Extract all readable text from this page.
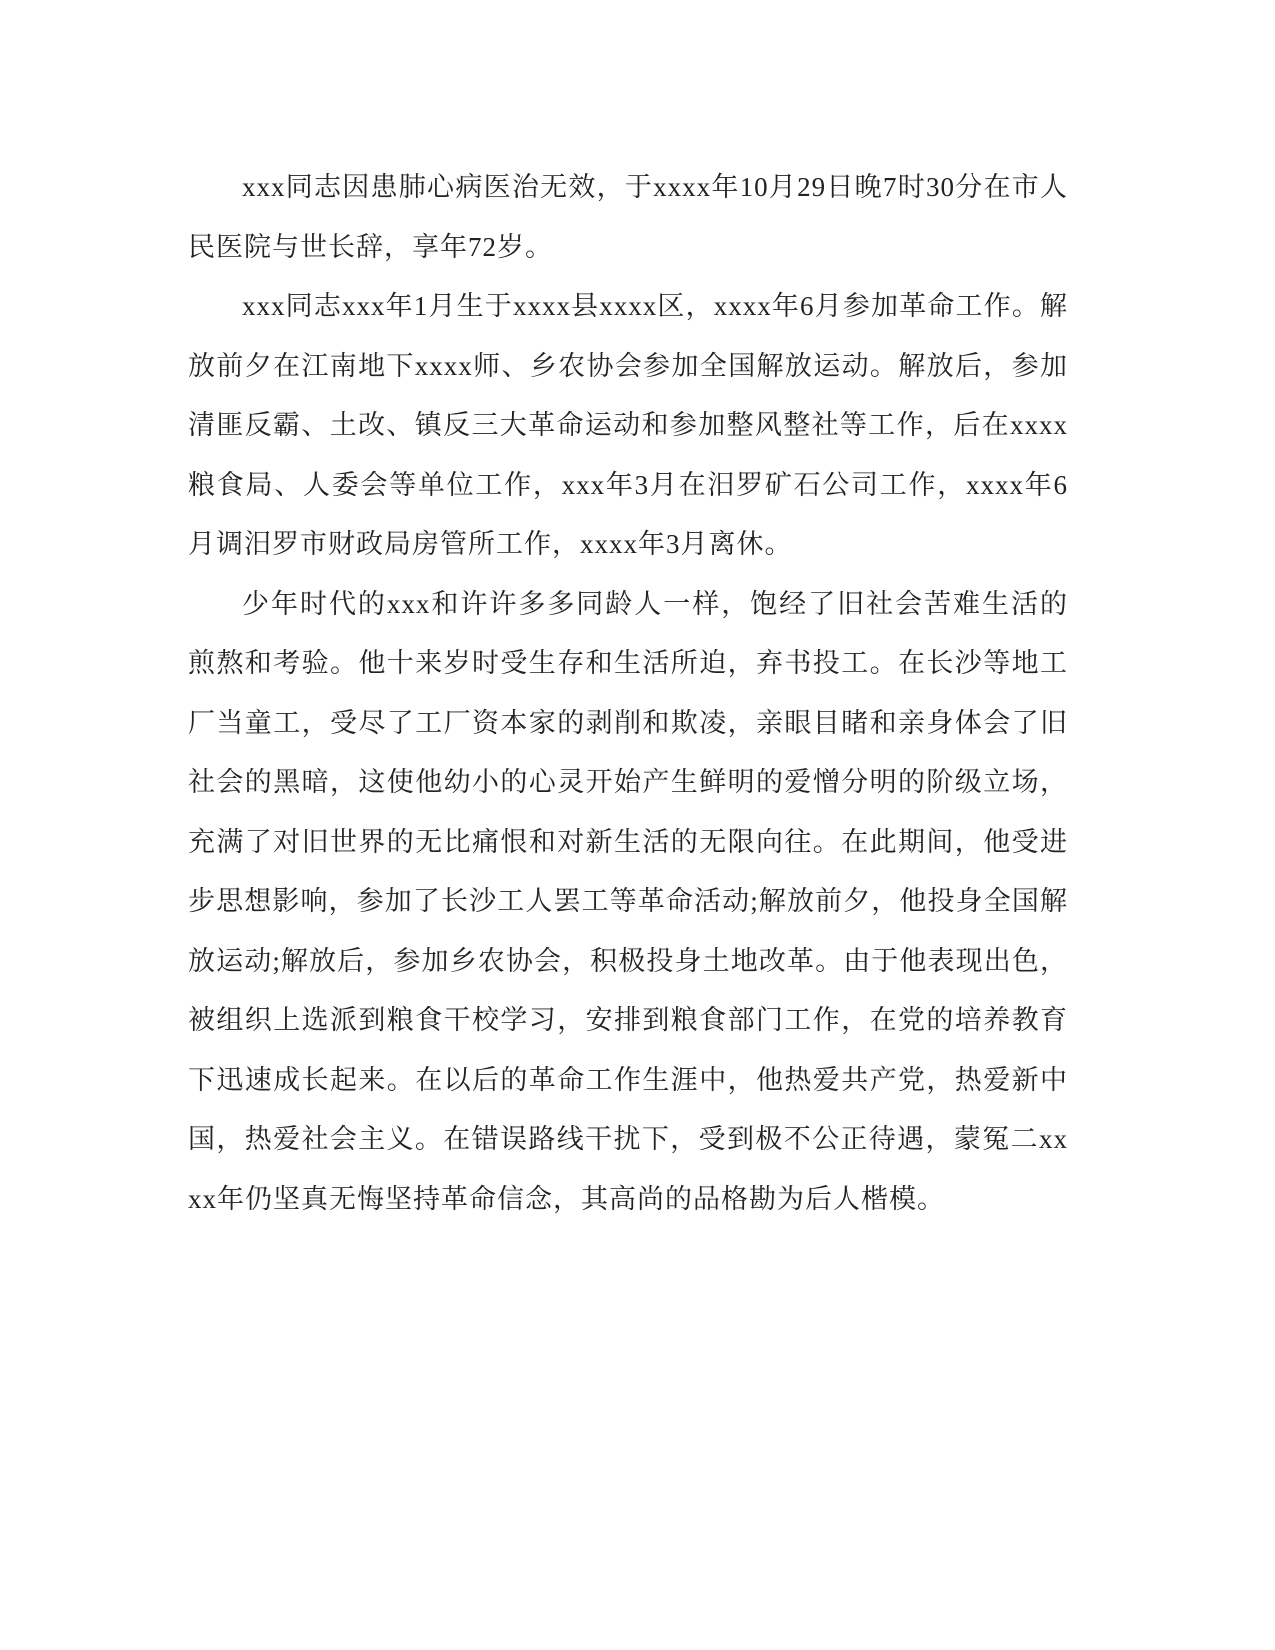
xxx同志因患肺心病医治无效，于xxxx年10月29日晚7时30分在市人民医院与世长辞，享年72岁。

xxx同志xxx年1月生于xxxx县xxxx区，xxxx年6月参加革命工作。解放前夕在江南地下xxxx师、乡农协会参加全国解放运动。解放后，参加清匪反霸、土改、镇反三大革命运动和参加整风整社等工作，后在xxxx粮食局、人委会等单位工作，xxx年3月在汨罗矿石公司工作，xxxx年6月调汨罗市财政局房管所工作，xxxx年3月离休。

少年时代的xxx和许许多多同龄人一样，饱经了旧社会苦难生活的煎熬和考验。他十来岁时受生存和生活所迫，弃书投工。在长沙等地工厂当童工，受尽了工厂资本家的剥削和欺凌，亲眼目睹和亲身体会了旧社会的黑暗，这使他幼小的心灵开始产生鲜明的爱憎分明的阶级立场，充满了对旧世界的无比痛恨和对新生活的无限向往。在此期间，他受进步思想影响，参加了长沙工人罢工等革命活动;解放前夕，他投身全国解放运动;解放后，参加乡农协会，积极投身土地改革。由于他表现出色，被组织上选派到粮食干校学习，安排到粮食部门工作，在党的培养教育下迅速成长起来。在以后的革命工作生涯中，他热爱共产党，热爱新中国，热爱社会主义。在错误路线干扰下，受到极不公正待遇，蒙冤二xxxx年仍坚真无悔坚持革命信念，其高尚的品格勘为后人楷模。
